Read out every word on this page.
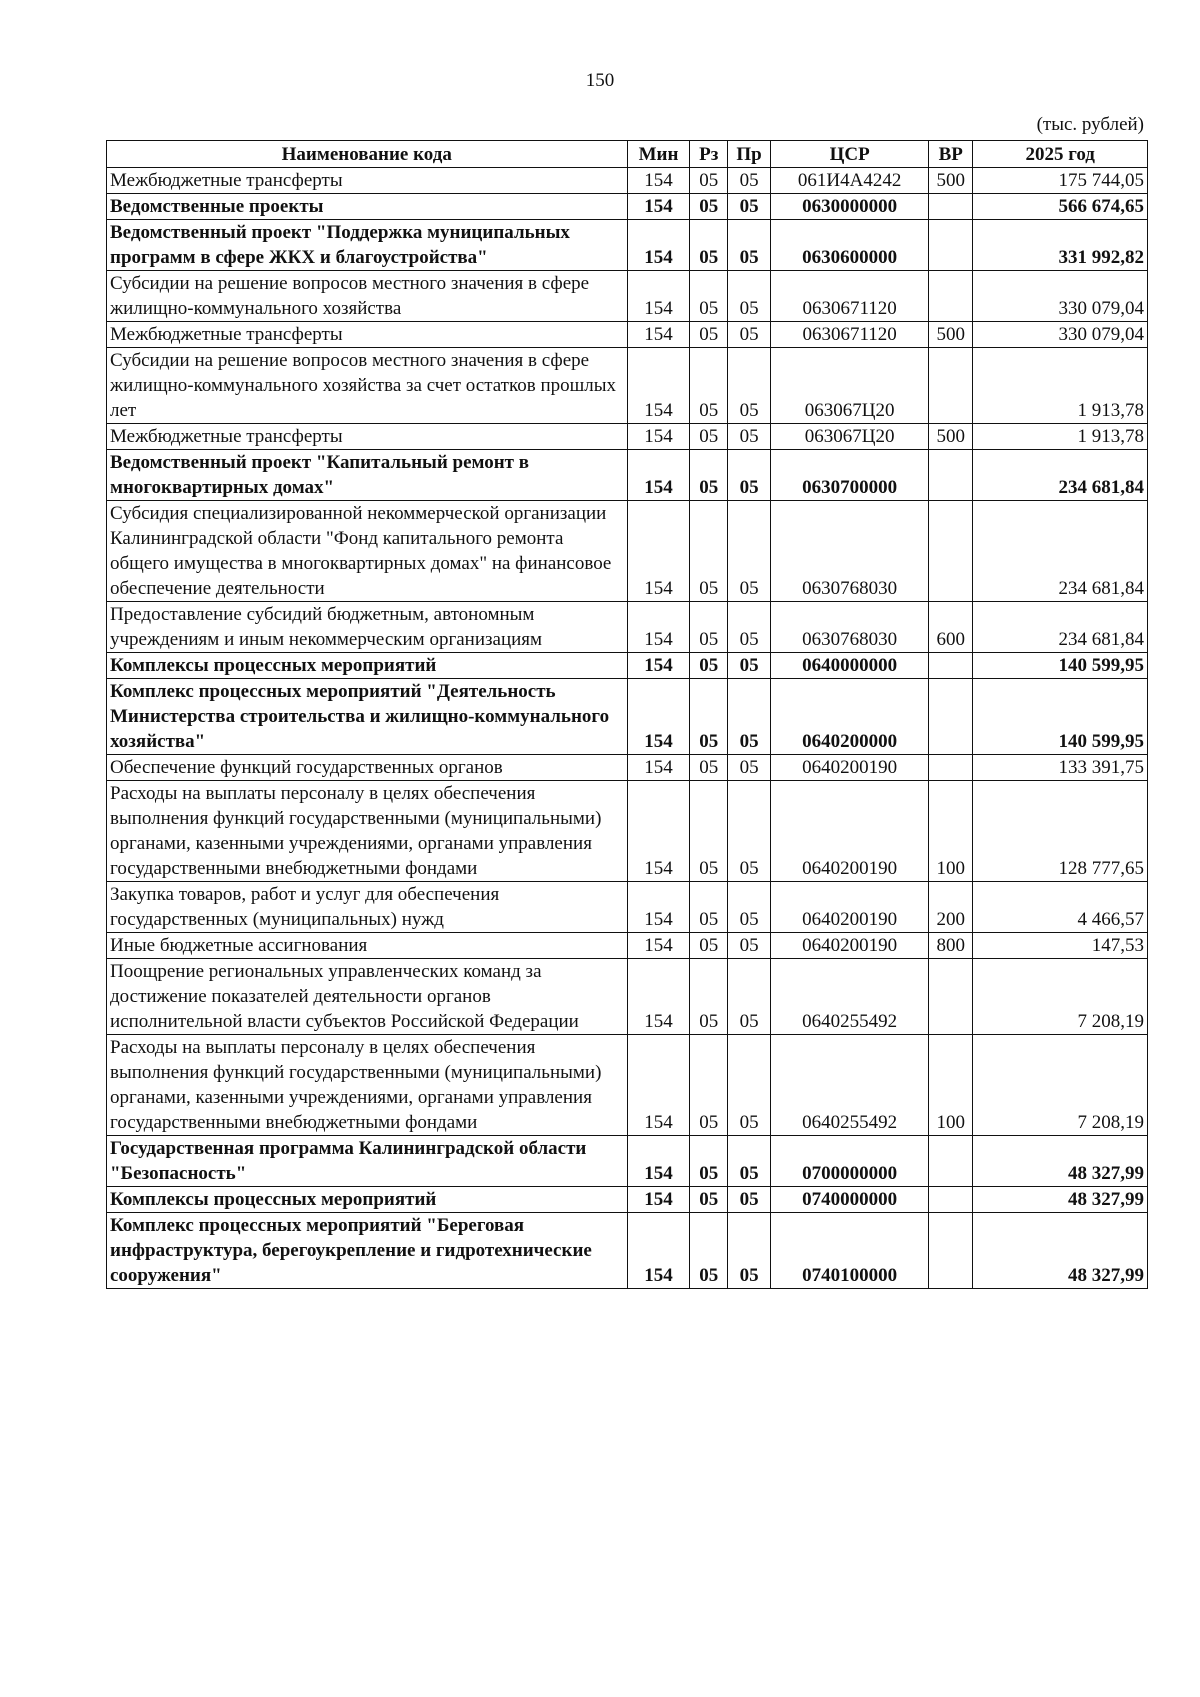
150
(тыс. рублей)
Наименование кода	Мин	Рз	Пр	ЦСР	ВР	2025 год
Межбюджетные трансферты	154	05	05	061И4А4242	500	175 744,05
Ведомственные проекты	154	05	05	0630000000		566 674,65
Ведомственный проект "Поддержка муниципальных программ в сфере ЖКХ и благоустройства"	154	05	05	0630600000		331 992,82
Субсидии на решение вопросов местного значения в сфере жилищно-коммунального хозяйства	154	05	05	0630671120		330 079,04
Межбюджетные трансферты	154	05	05	0630671120	500	330 079,04
Субсидии на решение вопросов местного значения в сфере жилищно-коммунального хозяйства за счет остатков прошлых лет	154	05	05	063067Ц20		1 913,78
Межбюджетные трансферты	154	05	05	063067Ц20	500	1 913,78
Ведомственный проект "Капитальный ремонт в многоквартирных домах"	154	05	05	0630700000		234 681,84
Субсидия специализированной некоммерческой организации Калининградской области "Фонд капитального ремонта общего имущества в многоквартирных домах" на финансовое обеспечение деятельности	154	05	05	0630768030		234 681,84
Предоставление субсидий бюджетным, автономным учреждениям и иным некоммерческим организациям	154	05	05	0630768030	600	234 681,84
Комплексы процессных мероприятий	154	05	05	0640000000		140 599,95
Комплекс процессных мероприятий "Деятельность Министерства строительства и жилищно-коммунального хозяйства"	154	05	05	0640200000		140 599,95
Обеспечение функций государственных органов	154	05	05	0640200190		133 391,75
Расходы на выплаты персоналу в целях обеспечения выполнения функций государственными (муниципальными) органами, казенными учреждениями, органами управления государственными внебюджетными фондами	154	05	05	0640200190	100	128 777,65
Закупка товаров, работ и услуг для обеспечения государственных (муниципальных) нужд	154	05	05	0640200190	200	4 466,57
Иные бюджетные ассигнования	154	05	05	0640200190	800	147,53
Поощрение региональных управленческих команд за достижение показателей деятельности органов исполнительной власти субъектов Российской Федерации	154	05	05	0640255492		7 208,19
Расходы на выплаты персоналу в целях обеспечения выполнения функций государственными (муниципальными) органами, казенными учреждениями, органами управления государственными внебюджетными фондами	154	05	05	0640255492	100	7 208,19
Государственная программа Калининградской области "Безопасность"	154	05	05	0700000000		48 327,99
Комплексы процессных мероприятий	154	05	05	0740000000		48 327,99
Комплекс процессных мероприятий "Береговая инфраструктура, берегоукрепление и гидротехнические сооружения"	154	05	05	0740100000		48 327,99
